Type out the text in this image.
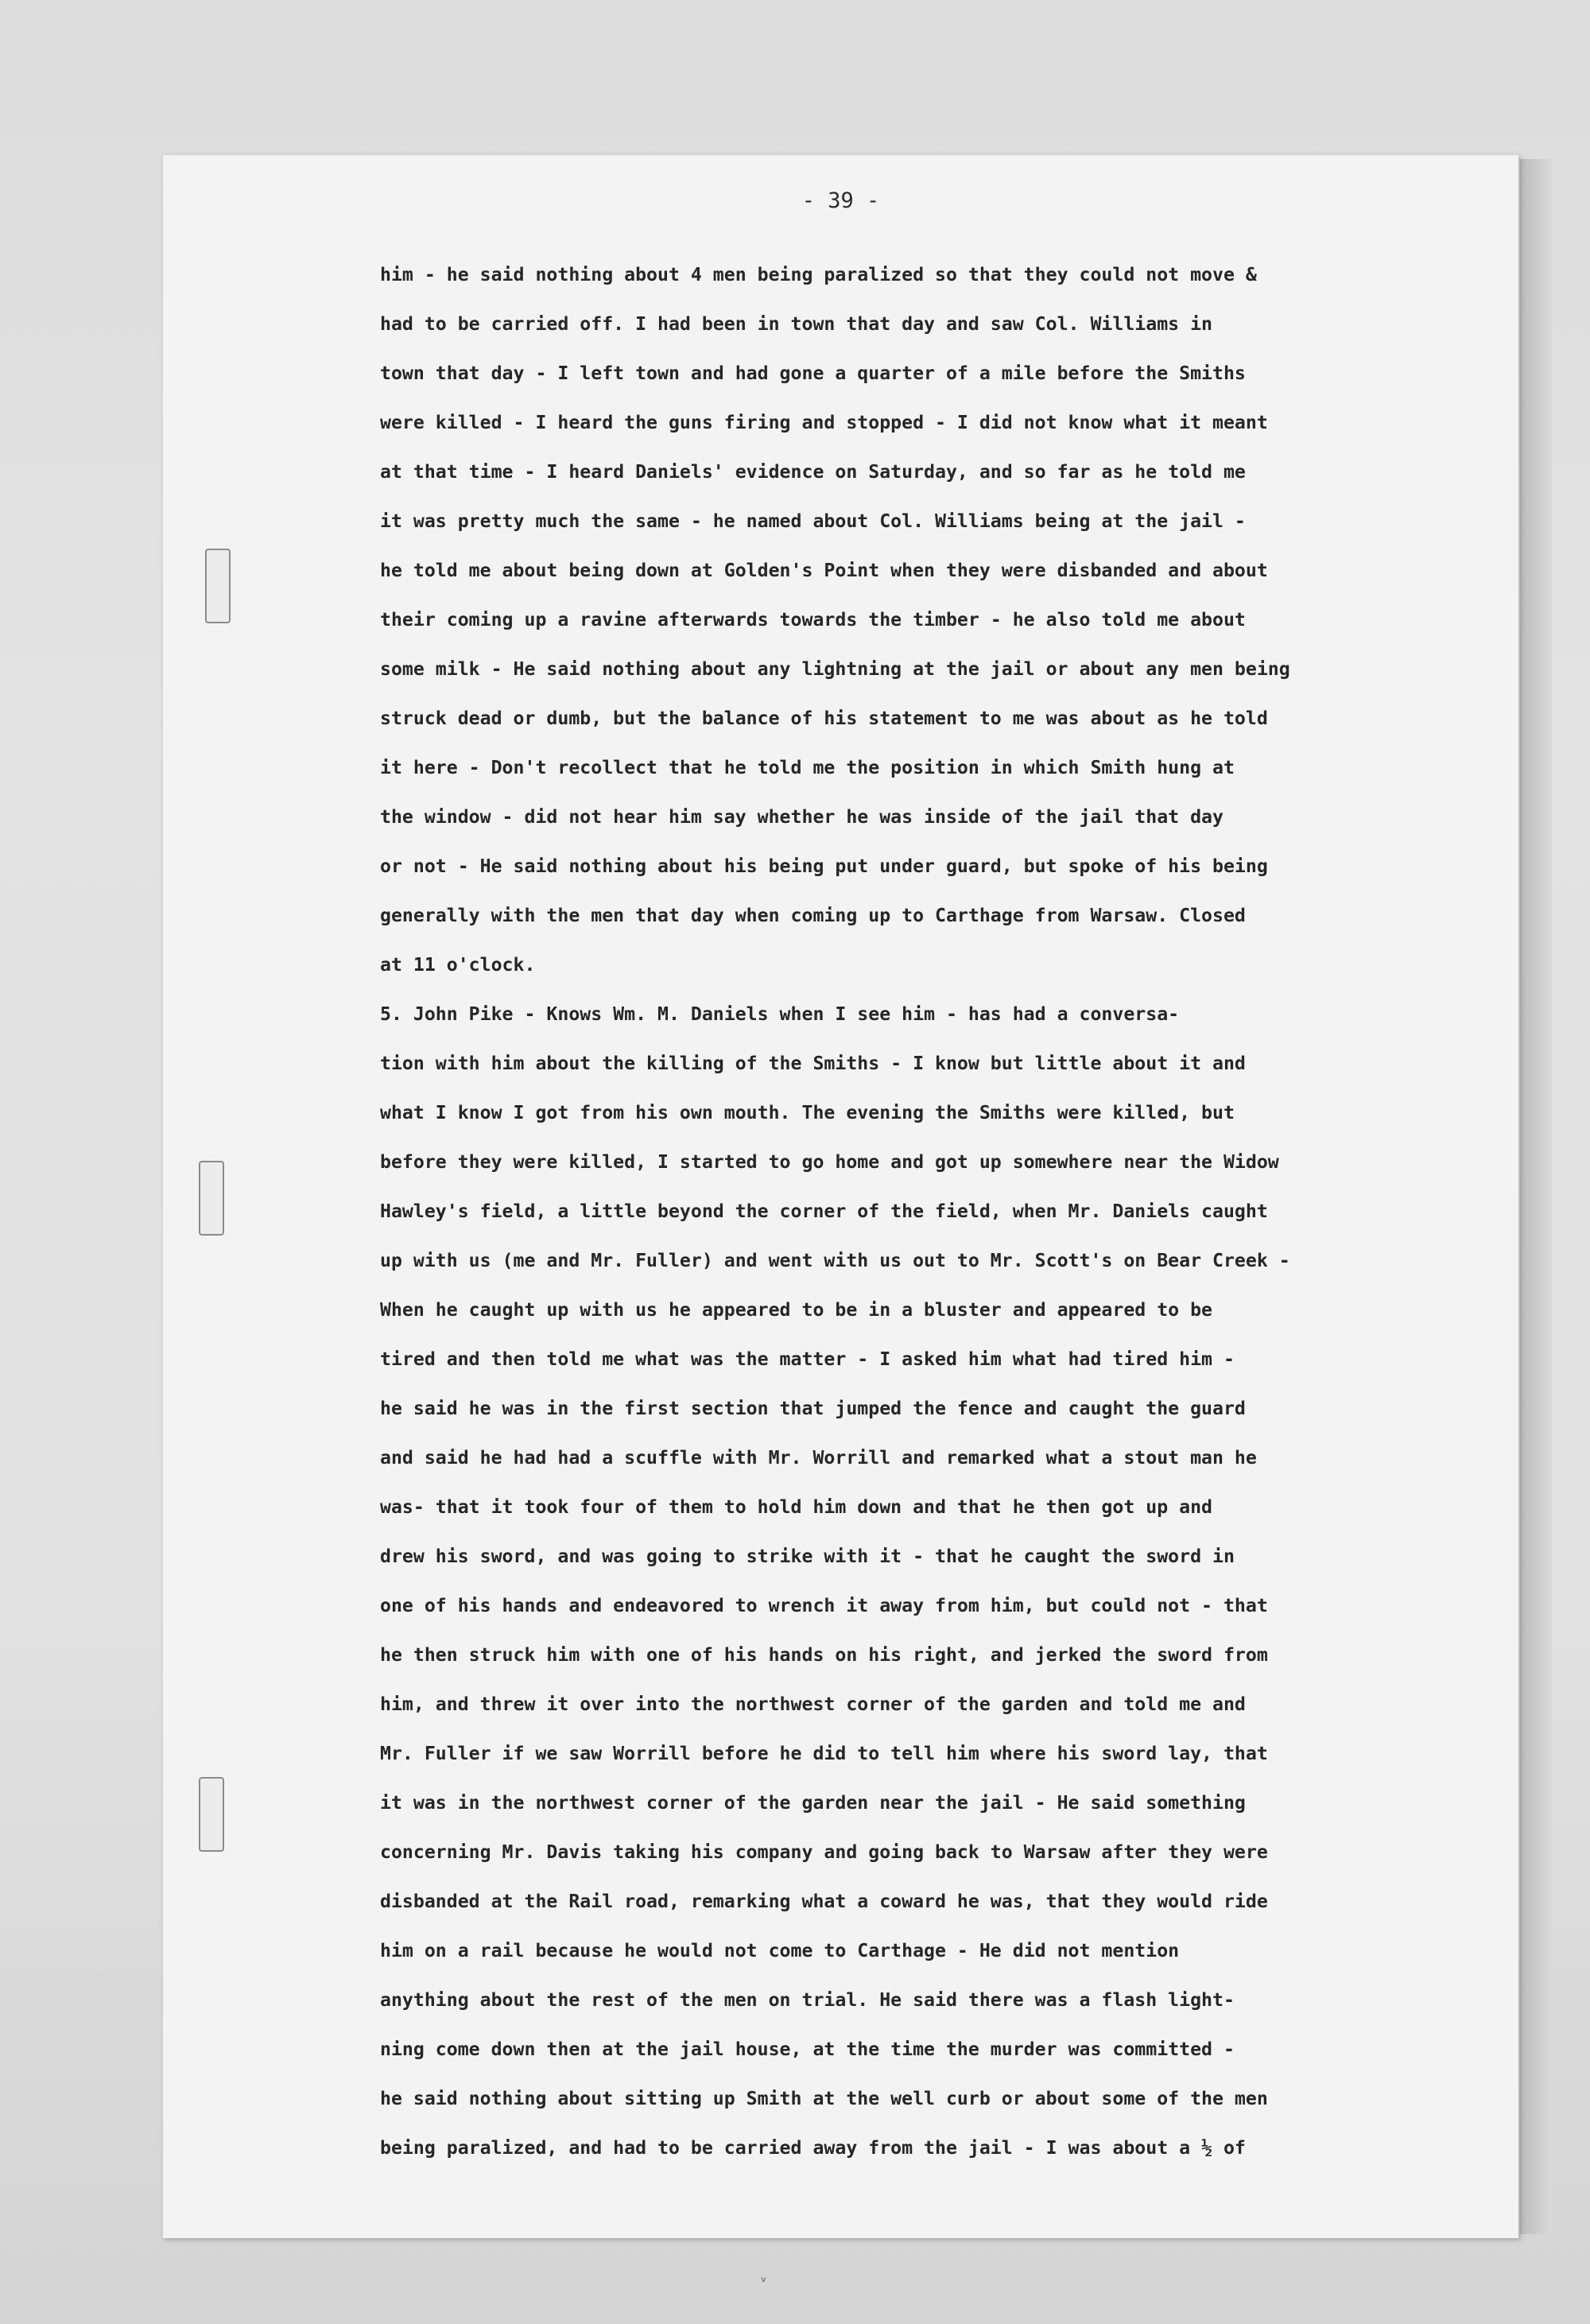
- 39 -
him - he said nothing about 4 men being paralized so that they could not move &
had to be carried off. I had been in town that day and saw Col. Williams in
town that day - I left town and had gone a quarter of a mile before the Smiths
were killed - I heard the guns firing and stopped - I did not know what it meant
at that time - I heard Daniels' evidence on Saturday, and so far as he told me
it was pretty much the same - he named about Col. Williams being at the jail -
he told me about being down at Golden's Point when they were disbanded and about
their coming up a ravine afterwards towards the timber - he also told me about
some milk - He said nothing about any lightning at the jail or about any men being
struck dead or dumb, but the balance of his statement to me was about as he told
it here - Don't recollect that he told me the position in which Smith hung at
the window - did not hear him say whether he was inside of the jail that day
or not - He said nothing about his being put under guard, but spoke of his being
generally with the men that day when coming up to Carthage from Warsaw. Closed
at 11 o'clock.
5. John Pike - Knows Wm. M. Daniels when I see him - has had a conversa-
tion with him about the killing of the Smiths - I know but little about it and
what I know I got from his own mouth. The evening the Smiths were killed, but
before they were killed, I started to go home and got up somewhere near the Widow
Hawley's field, a little beyond the corner of the field, when Mr. Daniels caught
up with us (me and Mr. Fuller) and went with us out to Mr. Scott's on Bear Creek -
When he caught up with us he appeared to be in a bluster and appeared to be
tired and then told me what was the matter - I asked him what had tired him -
he said he was in the first section that jumped the fence and caught the guard
and said he had had a scuffle with Mr. Worrill and remarked what a stout man he
was- that it took four of them to hold him down and that he then got up and
drew his sword, and was going to strike with it - that he caught the sword in
one of his hands and endeavored to wrench it away from him, but could not - that
he then struck him with one of his hands on his right, and jerked the sword from
him, and threw it over into the northwest corner of the garden and told me and
Mr. Fuller if we saw Worrill before he did to tell him where his sword lay, that
it was in the northwest corner of the garden near the jail - He said something
concerning Mr. Davis taking his company and going back to Warsaw after they were
disbanded at the Rail road, remarking what a coward he was, that they would ride
him on a rail because he would not come to Carthage - He did not mention
anything about the rest of the men on trial. He said there was a flash light-
ning come down then at the jail house, at the time the murder was committed -
he said nothing about sitting up Smith at the well curb or about some of the men
being paralized, and had to be carried away from the jail - I was about a ½ of
ᵛ
